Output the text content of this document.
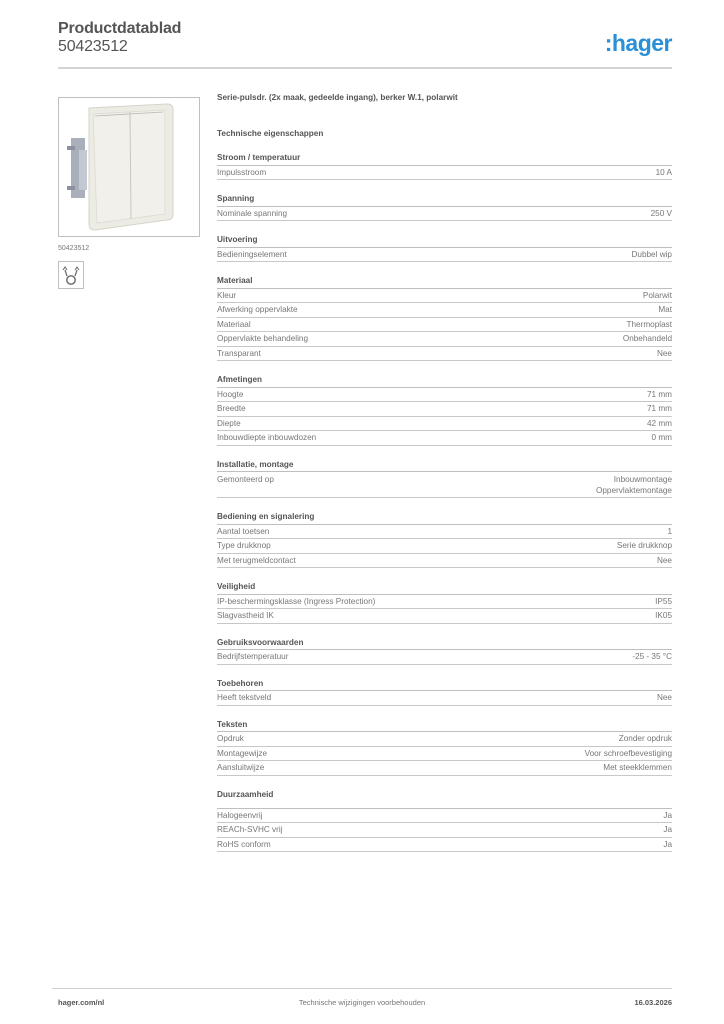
Productdatablad
50423512	:hager
50423512
Serie-pulsdr. (2x maak, gedeelde ingang), berker W.1, polarwit
Technische eigenschappen
Stroom / temperatuur
Impulsstroom	10 A
Spanning
Nominale spanning	250 V
Uitvoering
Bedieningselement	Dubbel wip
Materiaal
Kleur	Polarwit
Afwerking oppervlakte	Mat
Materiaal	Thermoplast
Oppervlakte behandeling	Onbehandeld
Transparant	Nee
Afmetingen
Hoogte	71 mm
Breedte	71 mm
Diepte	42 mm
Inbouwdiepte inbouwdozen	0 mm
Installatie, montage
Gemonteerd op	Inbouwmontage
Oppervlaktemontage
Bediening en signalering
Aantal toetsen	1
Type drukknop	Serie drukknop
Met terugmeldcontact	Nee
Veiligheid
IP-beschermingsklasse (Ingress Protection)	IP55
Slagvastheid IK	IK05
Gebruiksvoorwaarden
Bedrijfstemperatuur	-25 - 35 °C
Toebehoren
Heeft tekstveld	Nee
Teksten
Opdruk	Zonder opdruk
Montagewijze	Voor schroefbevestiging
Aansluitwijze	Met steekklemmen
Duurzaamheid
Halogeenvrij	Ja
REACh-SVHC vrij	Ja
RoHS conform	Ja
hager.com/nl	Technische wijzigingen voorbehouden	16.03.2026
